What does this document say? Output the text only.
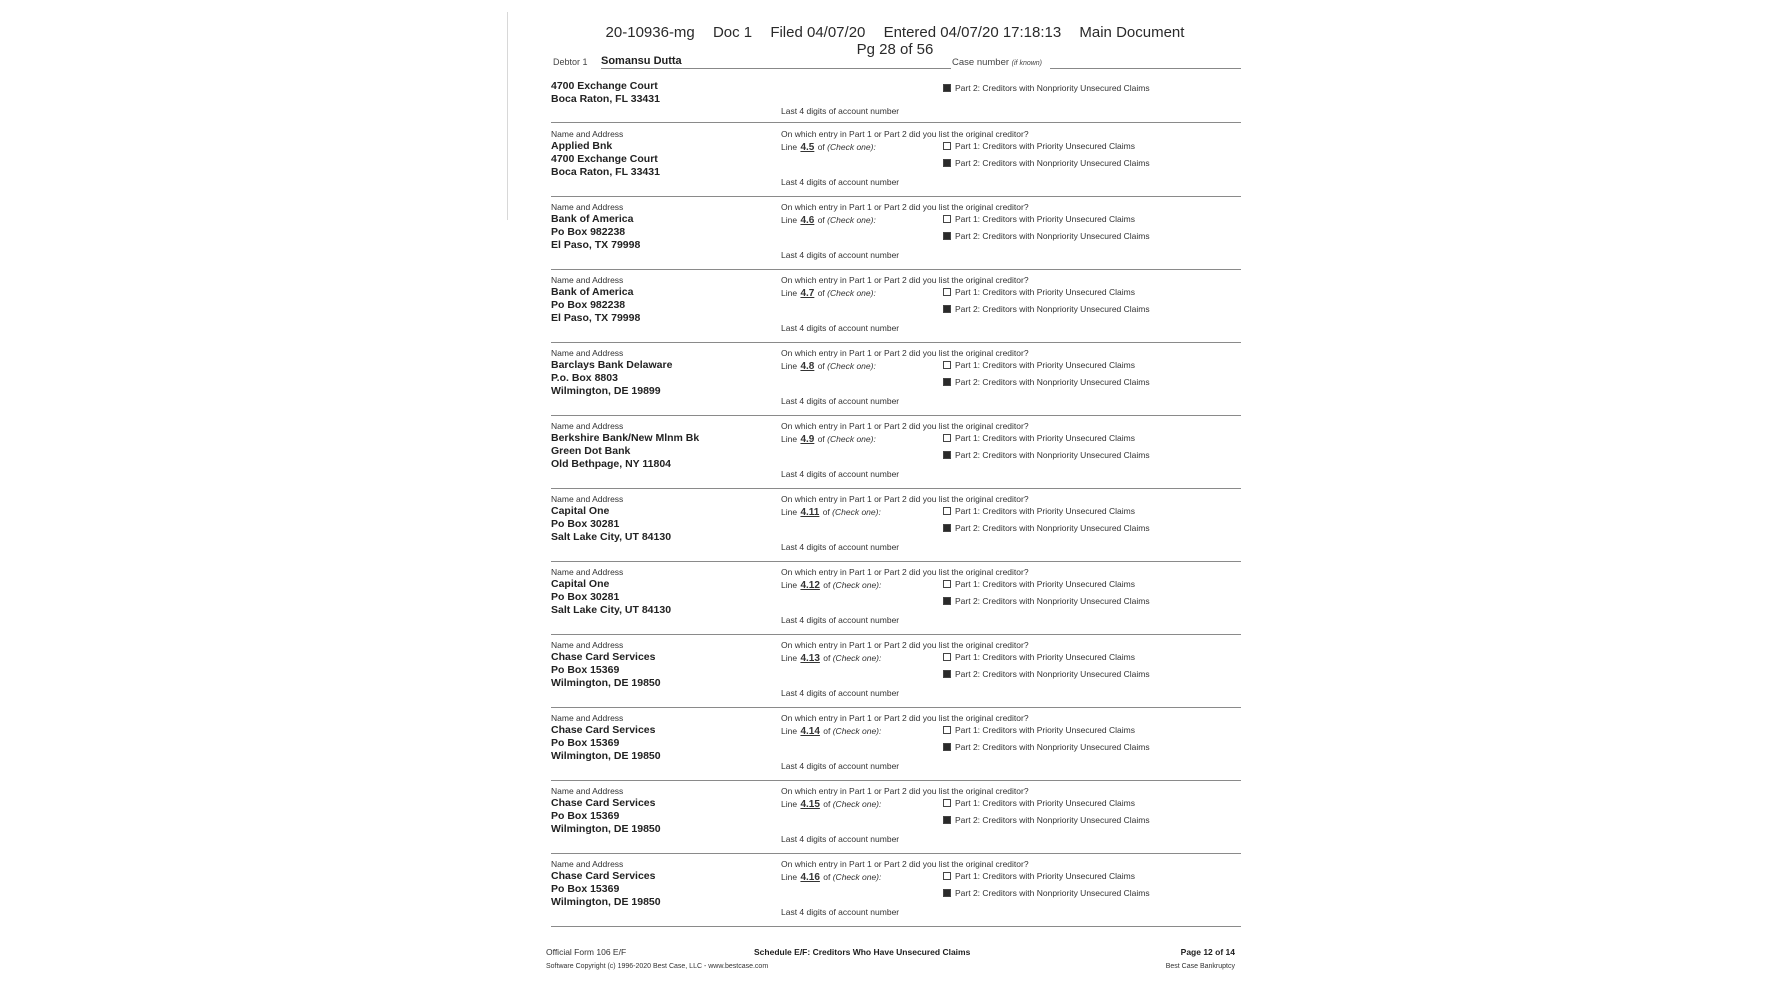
20-10936-mg Doc 1 Filed 04/07/20 Entered 04/07/20 17:18:13 Main Document
Pg 28 of 56
Debtor 1 Somansu Dutta	Case number (if known)
4700 Exchange Court
Boca Raton, FL 33431
Part 2: Creditors with Nonpriority Unsecured Claims
Last 4 digits of account number
Name and Address
Applied Bnk
4700 Exchange Court
Boca Raton, FL 33431
On which entry in Part 1 or Part 2 did you list the original creditor?
Line 4.5 of (Check one):	Part 1: Creditors with Priority Unsecured Claims
Part 2: Creditors with Nonpriority Unsecured Claims
Last 4 digits of account number
Name and Address
Bank of America
Po Box 982238
El Paso, TX 79998
On which entry in Part 1 or Part 2 did you list the original creditor?
Line 4.6 of (Check one):	Part 1: Creditors with Priority Unsecured Claims
Part 2: Creditors with Nonpriority Unsecured Claims
Last 4 digits of account number
Name and Address
Bank of America
Po Box 982238
El Paso, TX 79998
On which entry in Part 1 or Part 2 did you list the original creditor?
Line 4.7 of (Check one):	Part 1: Creditors with Priority Unsecured Claims
Part 2: Creditors with Nonpriority Unsecured Claims
Last 4 digits of account number
Name and Address
Barclays Bank Delaware
P.o. Box 8803
Wilmington, DE 19899
On which entry in Part 1 or Part 2 did you list the original creditor?
Line 4.8 of (Check one):	Part 1: Creditors with Priority Unsecured Claims
Part 2: Creditors with Nonpriority Unsecured Claims
Last 4 digits of account number
Name and Address
Berkshire Bank/New Mlnm Bk
Green Dot Bank
Old Bethpage, NY 11804
On which entry in Part 1 or Part 2 did you list the original creditor?
Line 4.9 of (Check one):	Part 1: Creditors with Priority Unsecured Claims
Part 2: Creditors with Nonpriority Unsecured Claims
Last 4 digits of account number
Name and Address
Capital One
Po Box 30281
Salt Lake City, UT 84130
On which entry in Part 1 or Part 2 did you list the original creditor?
Line 4.11 of (Check one):	Part 1: Creditors with Priority Unsecured Claims
Part 2: Creditors with Nonpriority Unsecured Claims
Last 4 digits of account number
Name and Address
Capital One
Po Box 30281
Salt Lake City, UT 84130
On which entry in Part 1 or Part 2 did you list the original creditor?
Line 4.12 of (Check one):	Part 1: Creditors with Priority Unsecured Claims
Part 2: Creditors with Nonpriority Unsecured Claims
Last 4 digits of account number
Name and Address
Chase Card Services
Po Box 15369
Wilmington, DE 19850
On which entry in Part 1 or Part 2 did you list the original creditor?
Line 4.13 of (Check one):	Part 1: Creditors with Priority Unsecured Claims
Part 2: Creditors with Nonpriority Unsecured Claims
Last 4 digits of account number
Name and Address
Chase Card Services
Po Box 15369
Wilmington, DE 19850
On which entry in Part 1 or Part 2 did you list the original creditor?
Line 4.14 of (Check one):	Part 1: Creditors with Priority Unsecured Claims
Part 2: Creditors with Nonpriority Unsecured Claims
Last 4 digits of account number
Name and Address
Chase Card Services
Po Box 15369
Wilmington, DE 19850
On which entry in Part 1 or Part 2 did you list the original creditor?
Line 4.15 of (Check one):	Part 1: Creditors with Priority Unsecured Claims
Part 2: Creditors with Nonpriority Unsecured Claims
Last 4 digits of account number
Name and Address
Chase Card Services
Po Box 15369
Wilmington, DE 19850
On which entry in Part 1 or Part 2 did you list the original creditor?
Line 4.16 of (Check one):	Part 1: Creditors with Priority Unsecured Claims
Part 2: Creditors with Nonpriority Unsecured Claims
Last 4 digits of account number
Official Form 106 E/F	Schedule E/F: Creditors Who Have Unsecured Claims	Page 12 of 14
Software Copyright (c) 1996-2020 Best Case, LLC - www.bestcase.com	Best Case Bankruptcy
